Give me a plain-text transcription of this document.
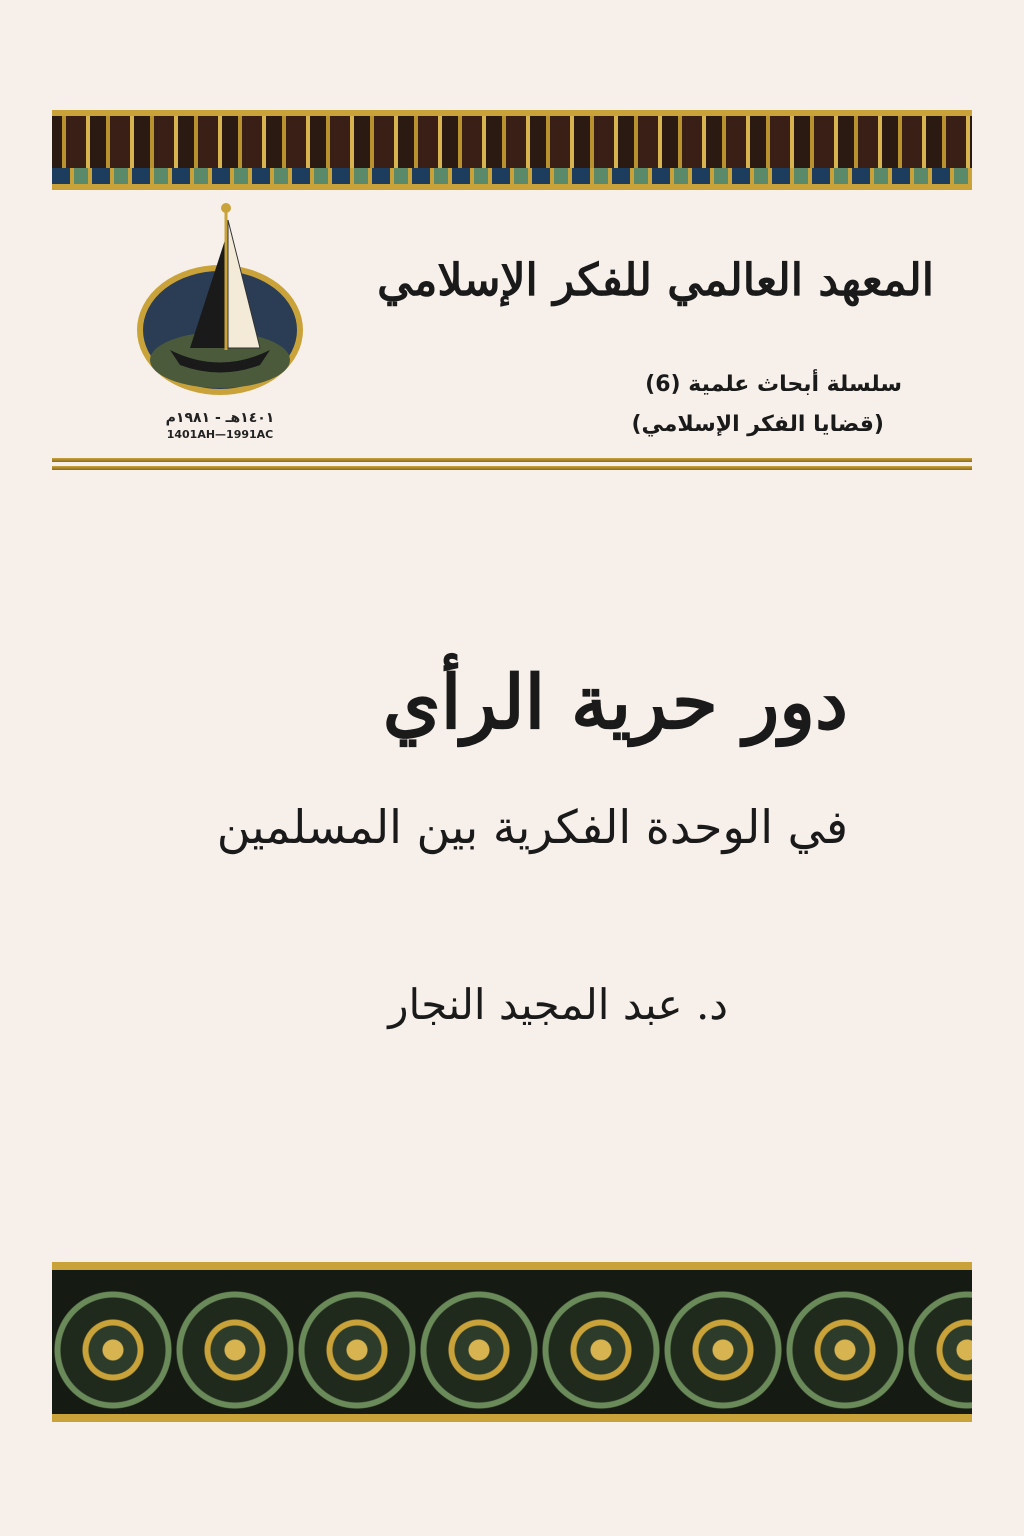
١٤٠١هـ - ١٩٨١م
1401AH—1991AC
المعهد العالمي للفكر الإسلامي
سلسلة أبحاث علمية (6)
(قضايا الفكر الإسلامي)
دور حرية الرأي
في الوحدة الفكرية بين المسلمين
د. عبد المجيد النجار
